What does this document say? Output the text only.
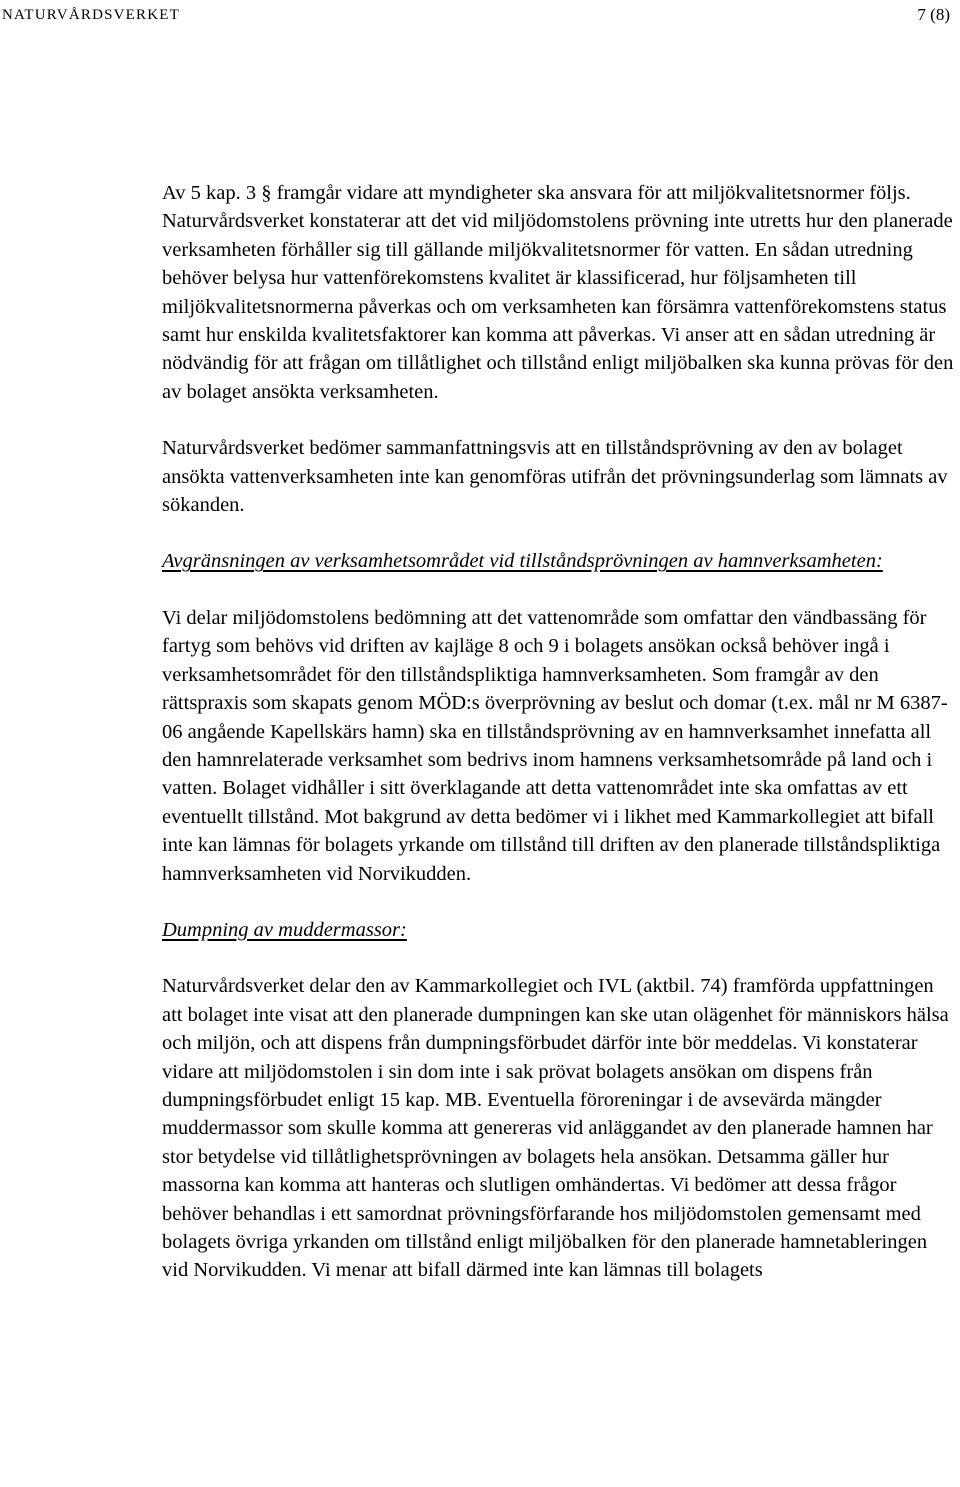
NATURVÅRDSVERKET	7 (8)

Av 5 kap. 3 § framgår vidare att myndigheter ska ansvara för att miljökvalitetsnormer följs. Naturvårdsverket konstaterar att det vid miljödomstolens prövning inte utretts hur den planerade verksamheten förhåller sig till gällande miljökvalitetsnormer för vatten. En sådan utredning behöver belysa hur vattenförekomstens kvalitet är klassificerad, hur följsamheten till miljökvalitetsnormerna påverkas och om verksamheten kan försämra vattenförekomstens status samt hur enskilda kvalitetsfaktorer kan komma att påverkas. Vi anser att en sådan utredning är nödvändig för att frågan om tillåtlighet och tillstånd enligt miljöbalken ska kunna prövas för den av bolaget ansökta verksamheten.

Naturvårdsverket bedömer sammanfattningsvis att en tillståndsprövning av den av bolaget ansökta vattenverksamheten inte kan genomföras utifrån det prövningsunderlag som lämnats av sökanden.

Avgränsningen av verksamhetsområdet vid tillståndsprövningen av hamnverksamheten:

Vi delar miljödomstolens bedömning att det vattenområde som omfattar den vändbassäng för fartyg som behövs vid driften av kajläge 8 och 9 i bolagets ansökan också behöver ingå i verksamhetsområdet för den tillståndspliktiga hamnverksamheten. Som framgår av den rättspraxis som skapats genom MÖD:s överprövning av beslut och domar (t.ex. mål nr M 6387-06 angående Kapellskärs hamn) ska en tillståndsprövning av en hamnverksamhet innefatta all den hamnrelaterade verksamhet som bedrivs inom hamnens verksamhetsområde på land och i vatten. Bolaget vidhåller i sitt överklagande att detta vattenområdet inte ska omfattas av ett eventuellt tillstånd. Mot bakgrund av detta bedömer vi i likhet med Kammarkollegiet att bifall inte kan lämnas för bolagets yrkande om tillstånd till driften av den planerade tillståndspliktiga hamnverksamheten vid Norvikudden.

Dumpning av muddermassor:

Naturvårdsverket delar den av Kammarkollegiet och IVL (aktbil. 74) framförda uppfattningen att bolaget inte visat att den planerade dumpningen kan ske utan olägenhet för människors hälsa och miljön, och att dispens från dumpningsförbudet därför inte bör meddelas. Vi konstaterar vidare att miljödomstolen i sin dom inte i sak prövat bolagets ansökan om dispens från dumpningsförbudet enligt 15 kap. MB. Eventuella föroreningar i de avsevärda mängder muddermassor som skulle komma att genereras vid anläggandet av den planerade hamnen har stor betydelse vid tillåtlighetsprövningen av bolagets hela ansökan. Detsamma gäller hur massorna kan komma att hanteras och slutligen omhändertas. Vi bedömer att dessa frågor behöver behandlas i ett samordnat prövningsförfarande hos miljödomstolen gemensamt med bolagets övriga yrkanden om tillstånd enligt miljöbalken för den planerade hamnetableringen vid Norvikudden. Vi menar att bifall därmed inte kan lämnas till bolagets
